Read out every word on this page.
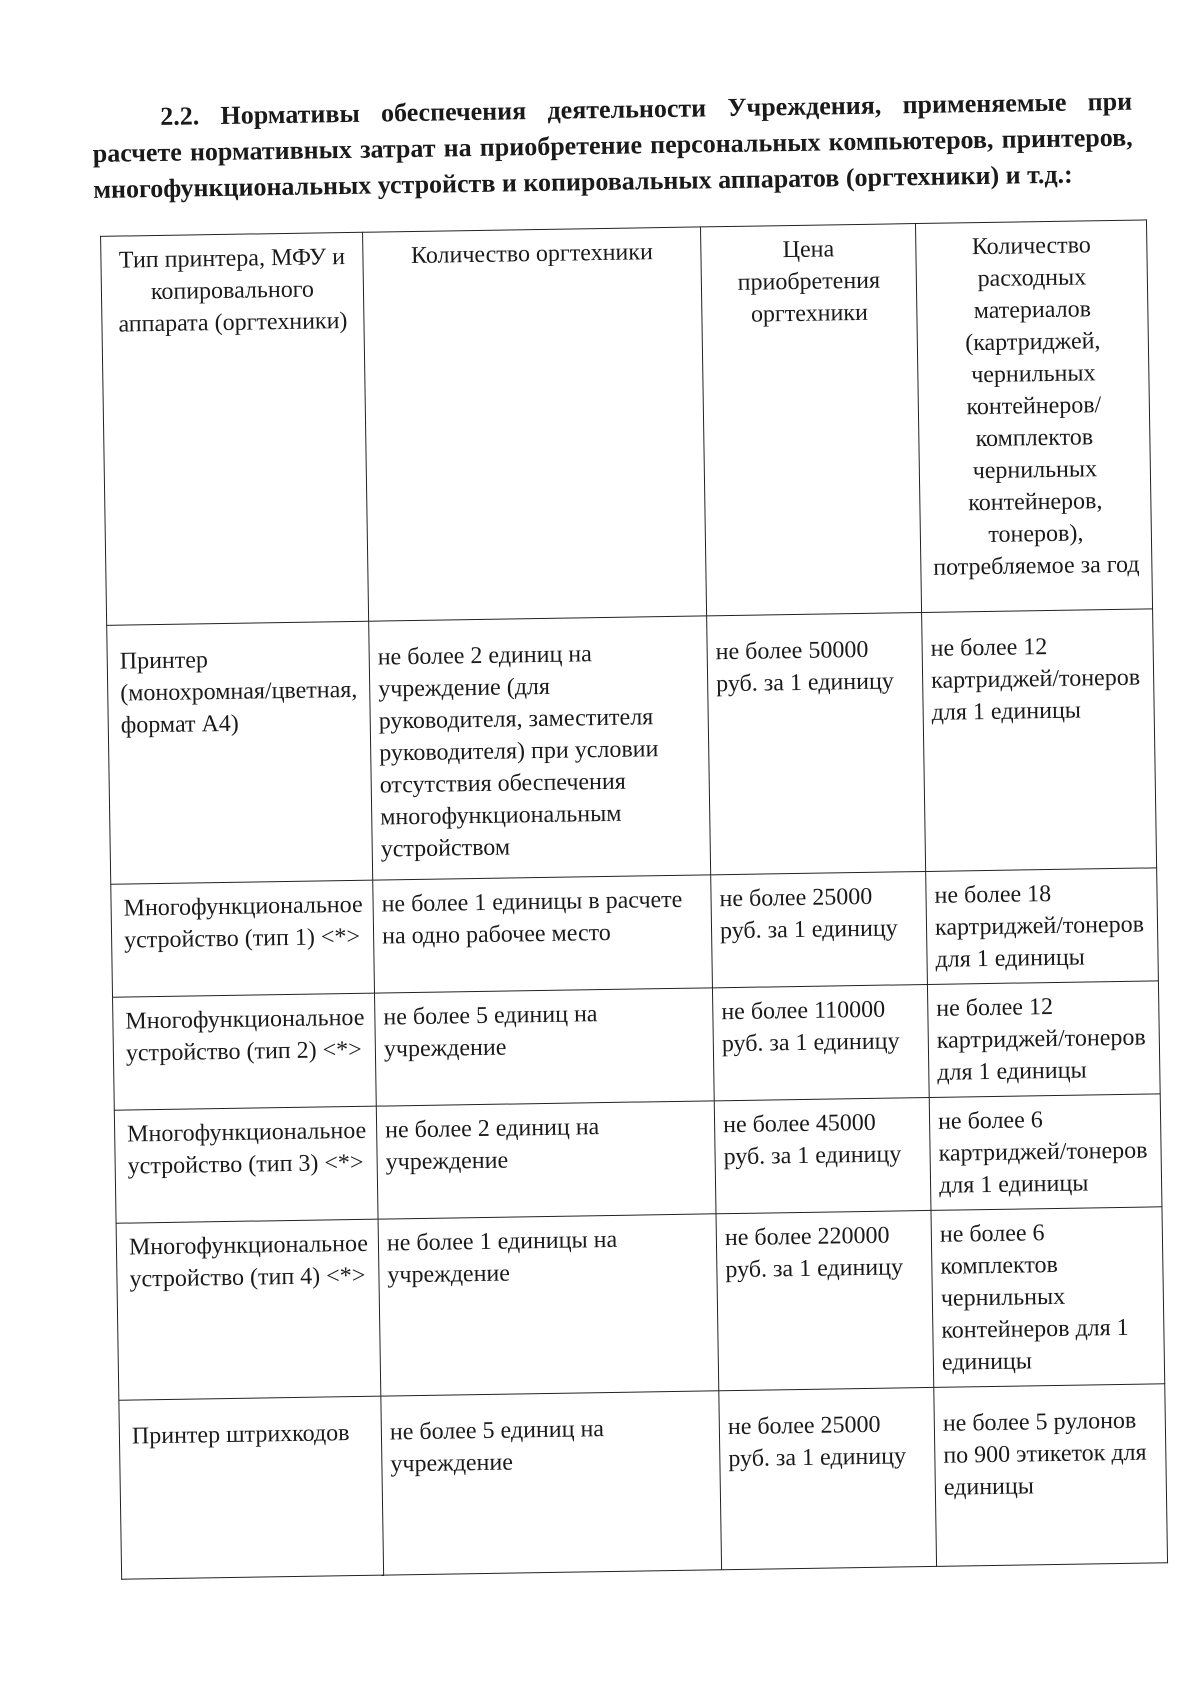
2.2. Нормативы обеспечения деятельности Учреждения, применяемые при расчете нормативных затрат на приобретение персональных компьютеров, принтеров, многофункциональных устройств и копировальных аппаратов (оргтехники) и т.д.:
Тип принтера, МФУ и копировального аппарата (оргтехники)	Количество оргтехники	Цена приобретения оргтехники	Количество расходных материалов (картриджей, чернильных контейнеров/комплектов чернильных контейнеров, тонеров), потребляемое за год
Принтер (монохромная/цветная, формат А4)	не более 2 единиц на учреждение (для руководителя, заместителя руководителя) при условии отсутствия обеспечения многофункциональным устройством	не более 50000 руб. за 1 единицу	не более 12 картриджей/тонеров для 1 единицы
Многофункциональное устройство (тип 1) <*>	не более 1 единицы в расчете на одно рабочее место	не более 25000 руб. за 1 единицу	не более 18 картриджей/тонеров для 1 единицы
Многофункциональное устройство (тип 2) <*>	не более 5 единиц на учреждение	не более 110000 руб. за 1 единицу	не более 12 картриджей/тонеров для 1 единицы
Многофункциональное устройство (тип 3) <*>	не более 2 единиц на учреждение	не более 45000 руб. за 1 единицу	не более 6 картриджей/тонеров для 1 единицы
Многофункциональное устройство (тип 4) <*>	не более 1 единицы на учреждение	не более 220000 руб. за 1 единицу	не более 6 комплектов чернильных контейнеров для 1 единицы
Принтер штрихкодов	не более 5 единиц на учреждение	не более 25000 руб. за 1 единицу	не более 5 рулонов по 900 этикеток для единицы
